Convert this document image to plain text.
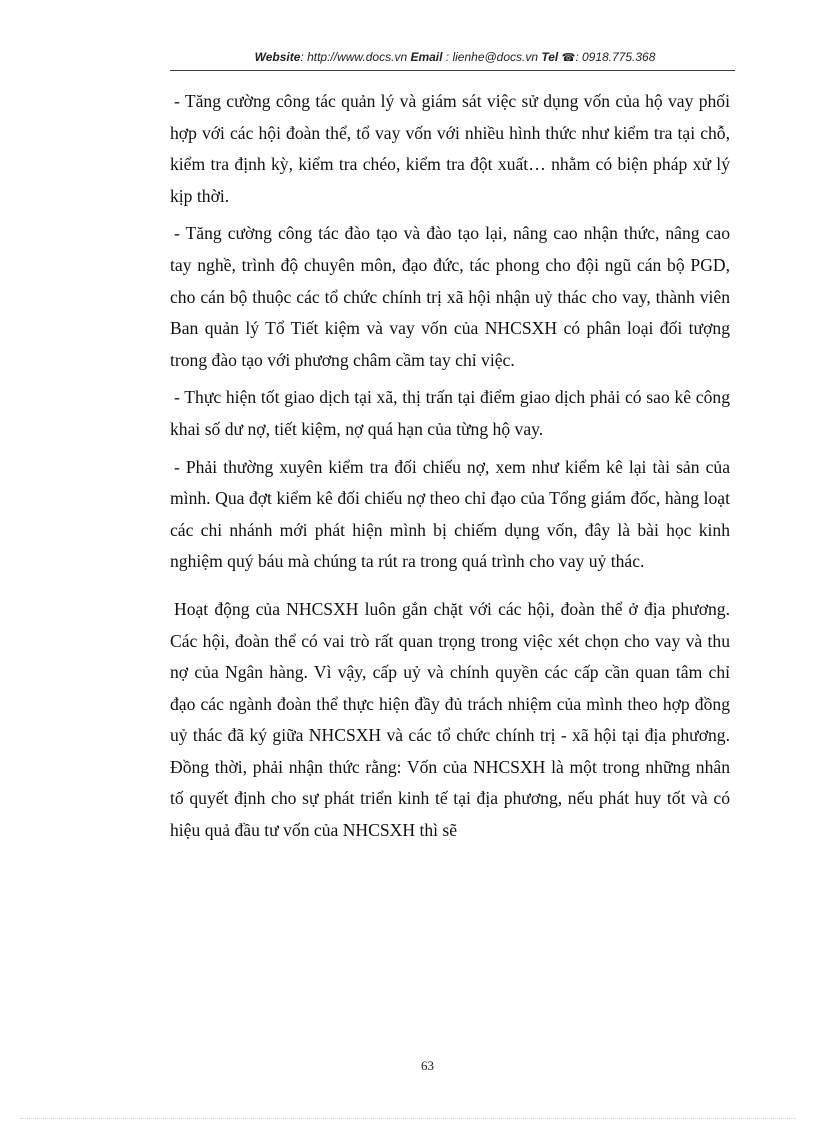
Website: http://www.docs.vn Email : lienhe@docs.vn Tel ☎: 0918.775.368

- Tăng cường công tác quản lý và giám sát việc sử dụng vốn của hộ vay phối hợp với các hội đoàn thể, tổ vay vốn với nhiều hình thức như kiểm tra tại chỗ, kiểm tra định kỳ, kiểm tra chéo, kiểm tra đột xuất… nhằm có biện pháp xử lý kịp thời.

- Tăng cường công tác đào tạo và đào tạo lại, nâng cao nhận thức, nâng cao tay nghề, trình độ chuyên môn, đạo đức, tác phong cho đội ngũ cán bộ PGD, cho cán bộ thuộc các tổ chức chính trị xã hội nhận uỷ thác cho vay, thành viên Ban quản lý Tổ Tiết kiệm và vay vốn của NHCSXH có phân loại đối tượng trong đào tạo với phương châm cầm tay chỉ việc.

- Thực hiện tốt giao dịch tại xã, thị trấn tại điểm giao dịch phải có sao kê công khai số dư nợ, tiết kiệm, nợ quá hạn của từng hộ vay.

- Phải thường xuyên kiểm tra đối chiếu nợ, xem như kiểm kê lại tài sản của mình. Qua đợt kiểm kê đối chiếu nợ theo chỉ đạo của Tổng giám đốc, hàng loạt các chi nhánh mới phát hiện mình bị chiếm dụng vốn, đây là bài học kinh nghiệm quý báu mà chúng ta rút ra trong quá trình cho vay uỷ thác.

Hoạt động của NHCSXH luôn gắn chặt với các hội, đoàn thể ở địa phương. Các hội, đoàn thể có vai trò rất quan trọng trong việc xét chọn cho vay và thu nợ của Ngân hàng. Vì vậy, cấp uỷ và chính quyền các cấp cần quan tâm chỉ đạo các ngành đoàn thể thực hiện đầy đủ trách nhiệm của mình theo hợp đồng uỷ thác đã ký giữa NHCSXH và các tổ chức chính trị - xã hội tại địa phương. Đồng thời, phải nhận thức rằng: Vốn của NHCSXH là một trong những nhân tố quyết định cho sự phát triển kinh tế tại địa phương, nếu phát huy tốt và có hiệu quả đầu tư vốn của NHCSXH thì sẽ

63
